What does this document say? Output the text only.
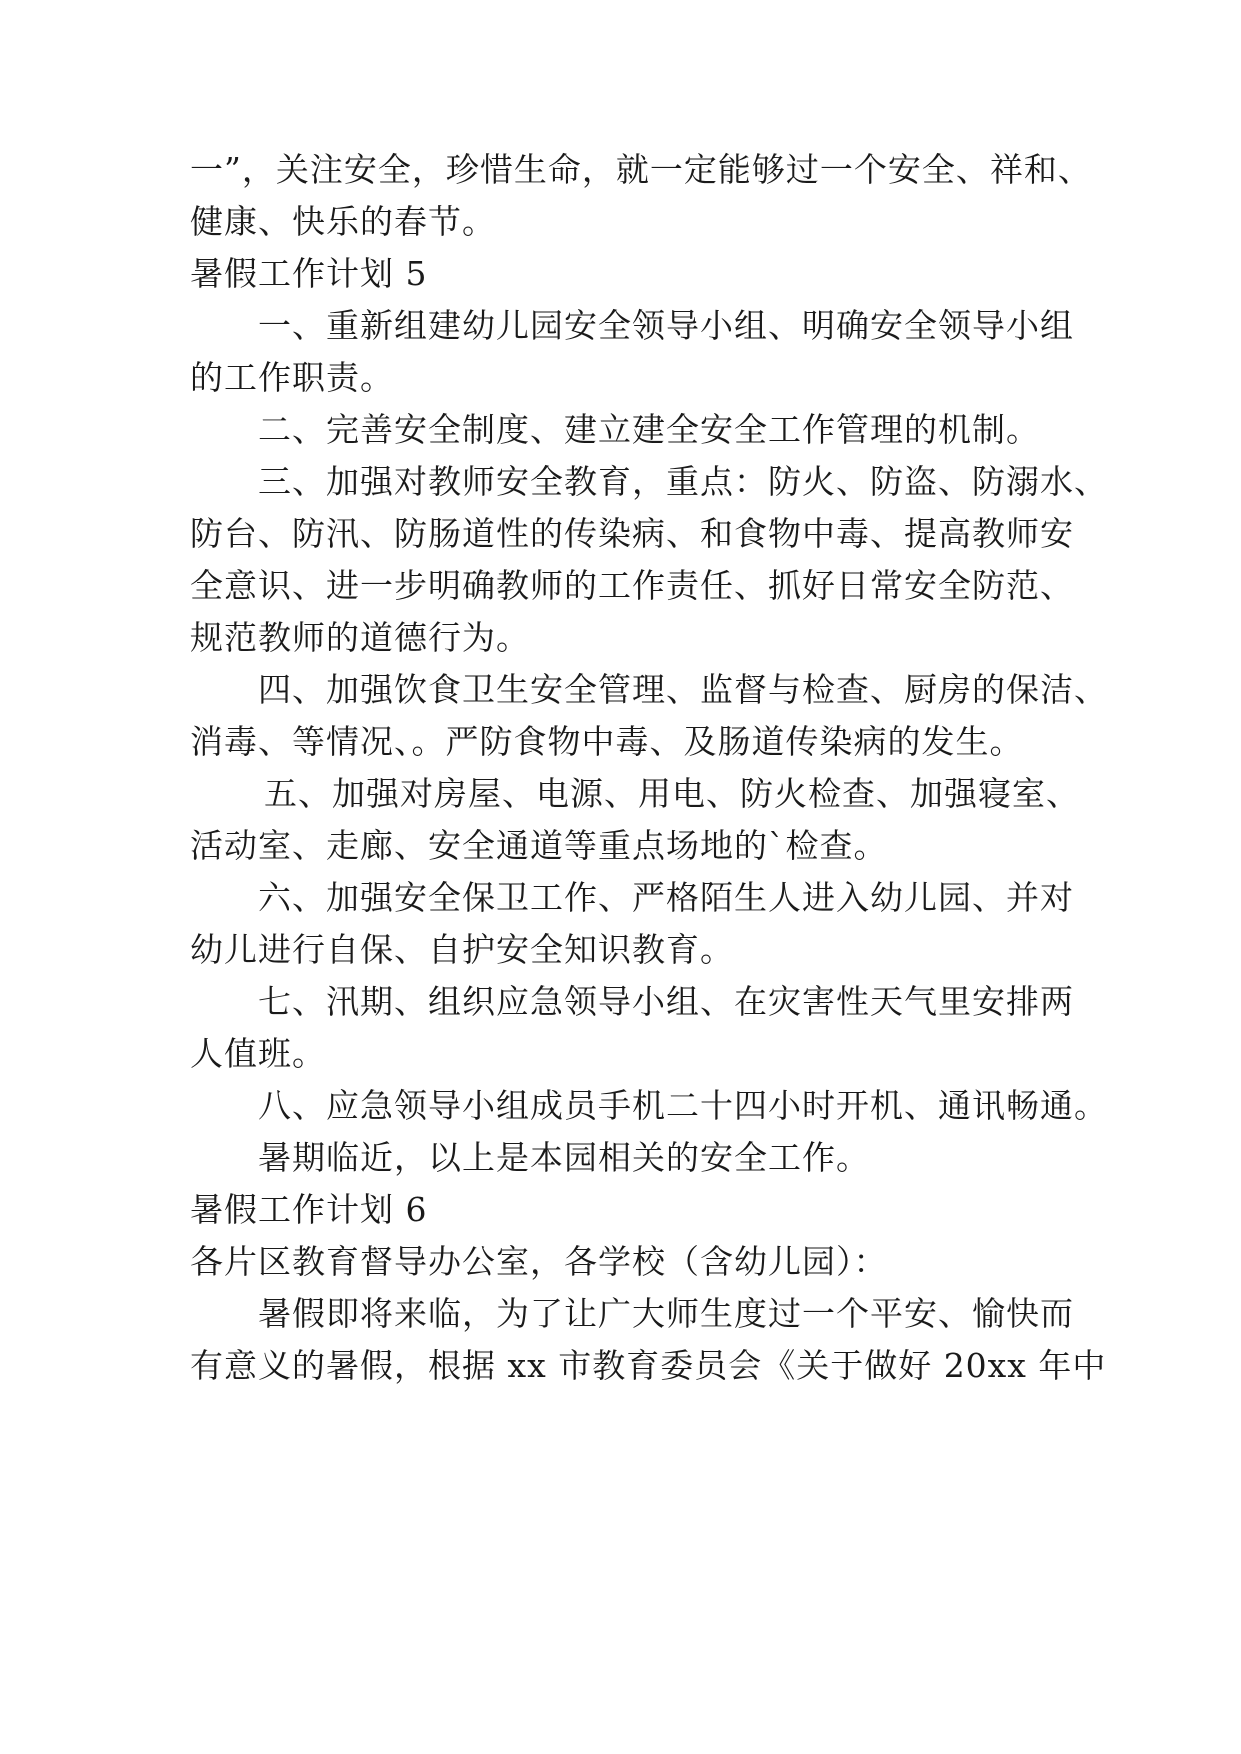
一”，关注安全，珍惜生命，就一定能够过一个安全、祥和、
健康、快乐的春节。
暑假工作计划 5
一、重新组建幼儿园安全领导小组、明确安全领导小组
的工作职责。
二、完善安全制度、建立建全安全工作管理的机制。
三、加强对教师安全教育，重点：防火、防盗、防溺水、
防台、防汛、防肠道性的传染病、和食物中毒、提高教师安
全意识、进一步明确教师的工作责任、抓好日常安全防范、
规范教师的道德行为。
四、加强饮食卫生安全管理、监督与检查、厨房的保洁、
消毒、等情况、。严防食物中毒、及肠道传染病的发生。
五、加强对房屋、电源、用电、防火检查、加强寝室、
活动室、走廊、安全通道等重点场地的`检查。
六、加强安全保卫工作、严格陌生人进入幼儿园、并对
幼儿进行自保、自护安全知识教育。
七、汛期、组织应急领导小组、在灾害性天气里安排两
人值班。
八、应急领导小组成员手机二十四小时开机、通讯畅通。
暑期临近，以上是本园相关的安全工作。
暑假工作计划 6
各片区教育督导办公室，各学校（含幼儿园）：
暑假即将来临，为了让广大师生度过一个平安、愉快而
有意义的暑假，根据 xx 市教育委员会《关于做好 20xx 年中
